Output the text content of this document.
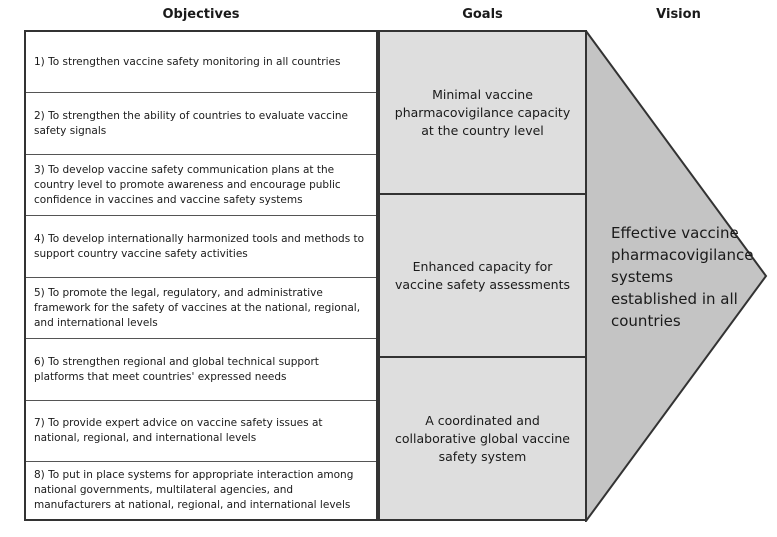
Objectives	Goals	Vision
1) To strengthen vaccine safety monitoring in all countries
2) To strengthen the ability of countries to evaluate vaccine safety signals
3) To develop vaccine safety communication plans at the country level to promote awareness and encourage public confidence in vaccines and vaccine safety systems
4) To develop internationally harmonized tools and methods to support country vaccine safety activities
5) To promote the legal, regulatory, and administrative framework for the safety of vaccines at the national, regional, and international levels
6) To strengthen regional and global technical support platforms that meet countries' expressed needs
7) To provide expert advice on vaccine safety issues at national, regional, and international levels
8) To put in place systems for appropriate interaction among national governments, multilateral agencies, and manufacturers at national, regional, and international levels
Minimal vaccine pharmacovigilance capacity at the country level
Enhanced capacity for vaccine safety assessments
A coordinated and collaborative global vaccine safety system
Effective vaccine pharmacovigilance systems established in all countries
